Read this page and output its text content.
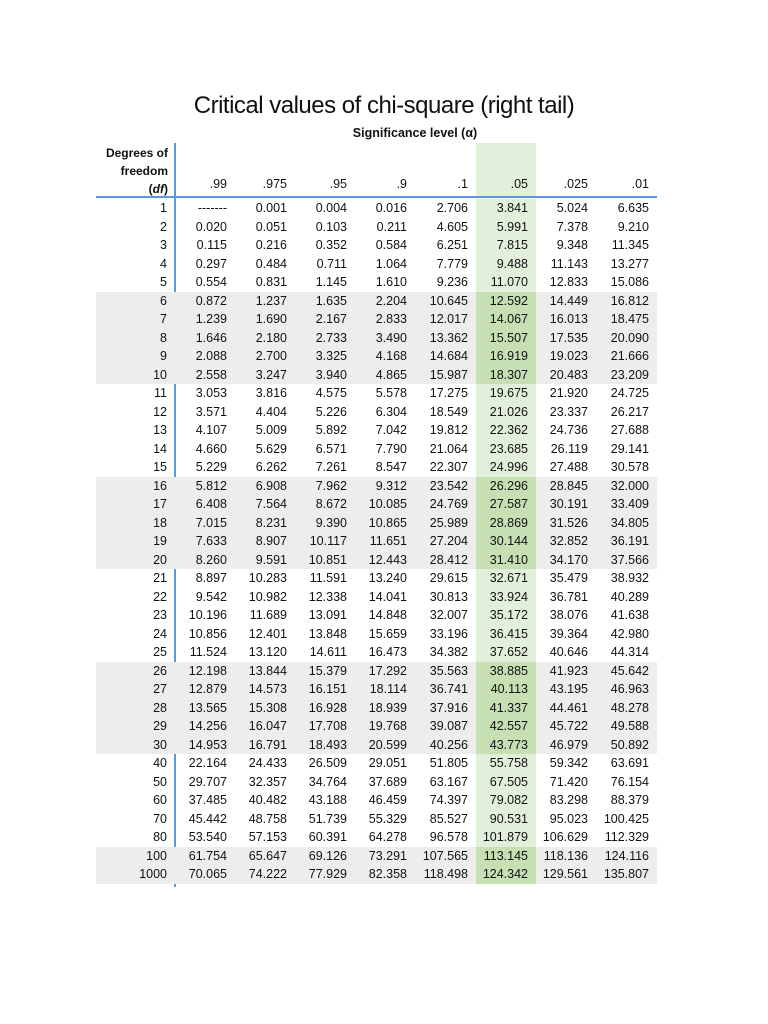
Critical values of chi-square (right tail)
Significance level (α)
Degrees of
freedom
(df)	.99	.975	.95	.9	.1	.05	.025	.01
1	-------	0.001	0.004	0.016	2.706	3.841	5.024	6.635
2	0.020	0.051	0.103	0.211	4.605	5.991	7.378	9.210
3	0.115	0.216	0.352	0.584	6.251	7.815	9.348	11.345
4	0.297	0.484	0.711	1.064	7.779	9.488	11.143	13.277
5	0.554	0.831	1.145	1.610	9.236	11.070	12.833	15.086
6	0.872	1.237	1.635	2.204	10.645	12.592	14.449	16.812
7	1.239	1.690	2.167	2.833	12.017	14.067	16.013	18.475
8	1.646	2.180	2.733	3.490	13.362	15.507	17.535	20.090
9	2.088	2.700	3.325	4.168	14.684	16.919	19.023	21.666
10	2.558	3.247	3.940	4.865	15.987	18.307	20.483	23.209
11	3.053	3.816	4.575	5.578	17.275	19.675	21.920	24.725
12	3.571	4.404	5.226	6.304	18.549	21.026	23.337	26.217
13	4.107	5.009	5.892	7.042	19.812	22.362	24.736	27.688
14	4.660	5.629	6.571	7.790	21.064	23.685	26.119	29.141
15	5.229	6.262	7.261	8.547	22.307	24.996	27.488	30.578
16	5.812	6.908	7.962	9.312	23.542	26.296	28.845	32.000
17	6.408	7.564	8.672	10.085	24.769	27.587	30.191	33.409
18	7.015	8.231	9.390	10.865	25.989	28.869	31.526	34.805
19	7.633	8.907	10.117	11.651	27.204	30.144	32.852	36.191
20	8.260	9.591	10.851	12.443	28.412	31.410	34.170	37.566
21	8.897	10.283	11.591	13.240	29.615	32.671	35.479	38.932
22	9.542	10.982	12.338	14.041	30.813	33.924	36.781	40.289
23	10.196	11.689	13.091	14.848	32.007	35.172	38.076	41.638
24	10.856	12.401	13.848	15.659	33.196	36.415	39.364	42.980
25	11.524	13.120	14.611	16.473	34.382	37.652	40.646	44.314
26	12.198	13.844	15.379	17.292	35.563	38.885	41.923	45.642
27	12.879	14.573	16.151	18.114	36.741	40.113	43.195	46.963
28	13.565	15.308	16.928	18.939	37.916	41.337	44.461	48.278
29	14.256	16.047	17.708	19.768	39.087	42.557	45.722	49.588
30	14.953	16.791	18.493	20.599	40.256	43.773	46.979	50.892
40	22.164	24.433	26.509	29.051	51.805	55.758	59.342	63.691
50	29.707	32.357	34.764	37.689	63.167	67.505	71.420	76.154
60	37.485	40.482	43.188	46.459	74.397	79.082	83.298	88.379
70	45.442	48.758	51.739	55.329	85.527	90.531	95.023	100.425
80	53.540	57.153	60.391	64.278	96.578	101.879	106.629	112.329
100	61.754	65.647	69.126	73.291	107.565	113.145	118.136	124.116
1000	70.065	74.222	77.929	82.358	118.498	124.342	129.561	135.807
